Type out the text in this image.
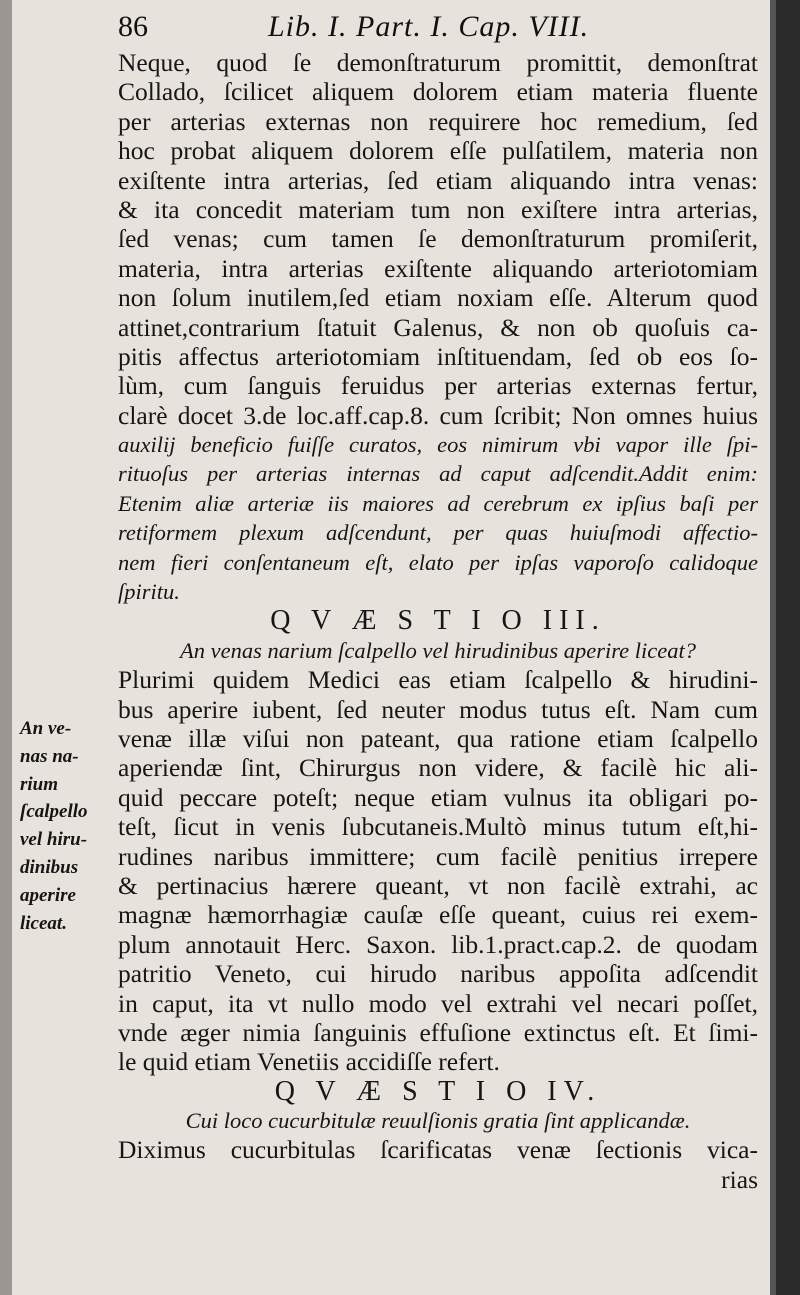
86	Lib. I. Part. I. Cap. VIII.
Neque, quod ſe demonſtraturum promittit, demonſtrat
Collado, ſcilicet aliquem dolorem etiam materia fluente
per arterias externas non requirere hoc remedium, ſed
hoc probat aliquem dolorem eſſe pulſatilem, materia non
exiſtente intra arterias, ſed etiam aliquando intra venas:
& ita concedit materiam tum non exiſtere intra arterias,
ſed venas; cum tamen ſe demonſtraturum promiſerit,
materia, intra arterias exiſtente aliquando arteriotomiam
non ſolum inutilem,ſed etiam noxiam eſſe. Alterum quod
attinet,contrarium ſtatuit Galenus, & non ob quoſuis ca-
pitis affectus arteriotomiam inſtituendam, ſed ob eos ſo-
lùm, cum ſanguis feruidus per arterias externas fertur,
clarè docet 3.de loc.aff.cap.8. cum ſcribit; Non omnes huius
auxilij beneficio fuiſſe curatos, eos nimirum vbi vapor ille ſpi-
rituoſus per arterias internas ad caput adſcendit.Addit enim:
Etenim aliæ arteriæ iis maiores ad cerebrum ex ipſius baſi per
retiformem plexum adſcendunt, per quas huiuſmodi affectio-
nem fieri conſentaneum eſt, elato per ipſas vaporoſo calidoque
ſpiritu.
Q V Æ S T I O III.
An venas narium ſcalpello vel hirudinibus aperire liceat?
Plurimi quidem Medici eas etiam ſcalpello & hirudini-
bus aperire iubent, ſed neuter modus tutus eſt. Nam cum
venæ illæ viſui non pateant, qua ratione etiam ſcalpello
aperiendæ ſint, Chirurgus non videre, & facilè hic ali-
quid peccare poteſt; neque etiam vulnus ita obligari po-
teſt, ſicut in venis ſubcutaneis.Multò minus tutum eſt,hi-
rudines naribus immittere; cum facilè penitius irrepere
& pertinacius hærere queant, vt non facilè extrahi, ac
magnæ hæmorrhagiæ cauſæ eſſe queant, cuius rei exem-
plum annotauit Herc. Saxon. lib.1.pract.cap.2. de quodam
patritio Veneto, cui hirudo naribus appoſita adſcendit
in caput, ita vt nullo modo vel extrahi vel necari poſſet,
vnde æger nimia ſanguinis effuſione extinctus eſt. Et ſimi-
le quid etiam Venetiis accidiſſe refert.
Q V Æ S T I O IV.
Cui loco cucurbitulæ reuulſionis gratia ſint applicandæ.
Diximus cucurbitulas ſcarificatas venæ ſectionis vica-
rias
An ve-
nas na-
rium
ſcalpello
vel hiru-
dinibus
aperire
liceat.
